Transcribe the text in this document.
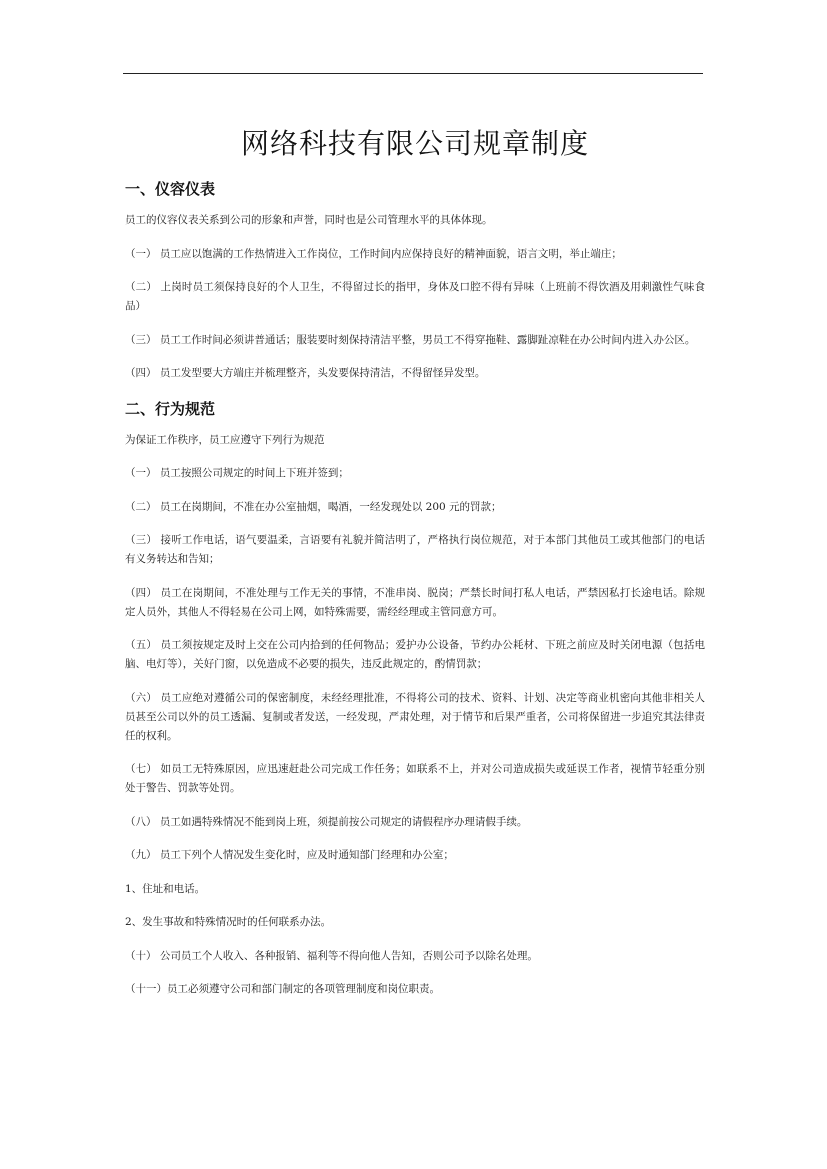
网络科技有限公司规章制度
一、仪容仪表

员工的仪容仪表关系到公司的形象和声誉，同时也是公司管理水平的具体体现。

（一） 员工应以饱满的工作热情进入工作岗位，工作时间内应保持良好的精神面貌，语言文明，举止端庄；

（二） 上岗时员工须保持良好的个人卫生，不得留过长的指甲，身体及口腔不得有异味（上班前不得饮酒及用刺激性气味食品）

（三） 员工工作时间必须讲普通话；服装要时刻保持清洁平整，男员工不得穿拖鞋、露脚趾凉鞋在办公时间内进入办公区。

（四） 员工发型要大方端庄并梳理整齐，头发要保持清洁，不得留怪异发型。

二、行为规范

为保证工作秩序，员工应遵守下列行为规范

（一） 员工按照公司规定的时间上下班并签到；

（二） 员工在岗期间，不准在办公室抽烟，喝酒，一经发现处以 200 元的罚款；

（三） 接听工作电话，语气要温柔，言语要有礼貌并简洁明了，严格执行岗位规范，对于本部门其他员工或其他部门的电话有义务转达和告知；

（四） 员工在岗期间，不准处理与工作无关的事情，不准串岗、脱岗；严禁长时间打私人电话，严禁因私打长途电话。除规定人员外，其他人不得轻易在公司上网，如特殊需要，需经经理或主管同意方可。

（五） 员工须按规定及时上交在公司内拾到的任何物品；爱护办公设备，节约办公耗材、下班之前应及时关闭电源（包括电脑、电灯等），关好门窗，以免造成不必要的损失，违反此规定的，酌情罚款；

（六） 员工应绝对遵循公司的保密制度，未经经理批准，不得将公司的技术、资料、计划、决定等商业机密向其他非相关人员甚至公司以外的员工透漏、复制或者发送，一经发现，严肃处理，对于情节和后果严重者，公司将保留进一步追究其法律责任的权利。

（七） 如员工无特殊原因，应迅速赶赴公司完成工作任务；如联系不上，并对公司造成损失或延误工作者，视情节轻重分别处于警告、罚款等处罚。

（八） 员工如遇特殊情况不能到岗上班，须提前按公司规定的请假程序办理请假手续。

（九） 员工下列个人情况发生变化时，应及时通知部门经理和办公室；

1、住址和电话。

2、发生事故和特殊情况时的任何联系办法。

（十） 公司员工个人收入、各种报销、福利等不得向他人告知，否则公司予以除名处理。

（十一）员工必须遵守公司和部门制定的各项管理制度和岗位职责。
